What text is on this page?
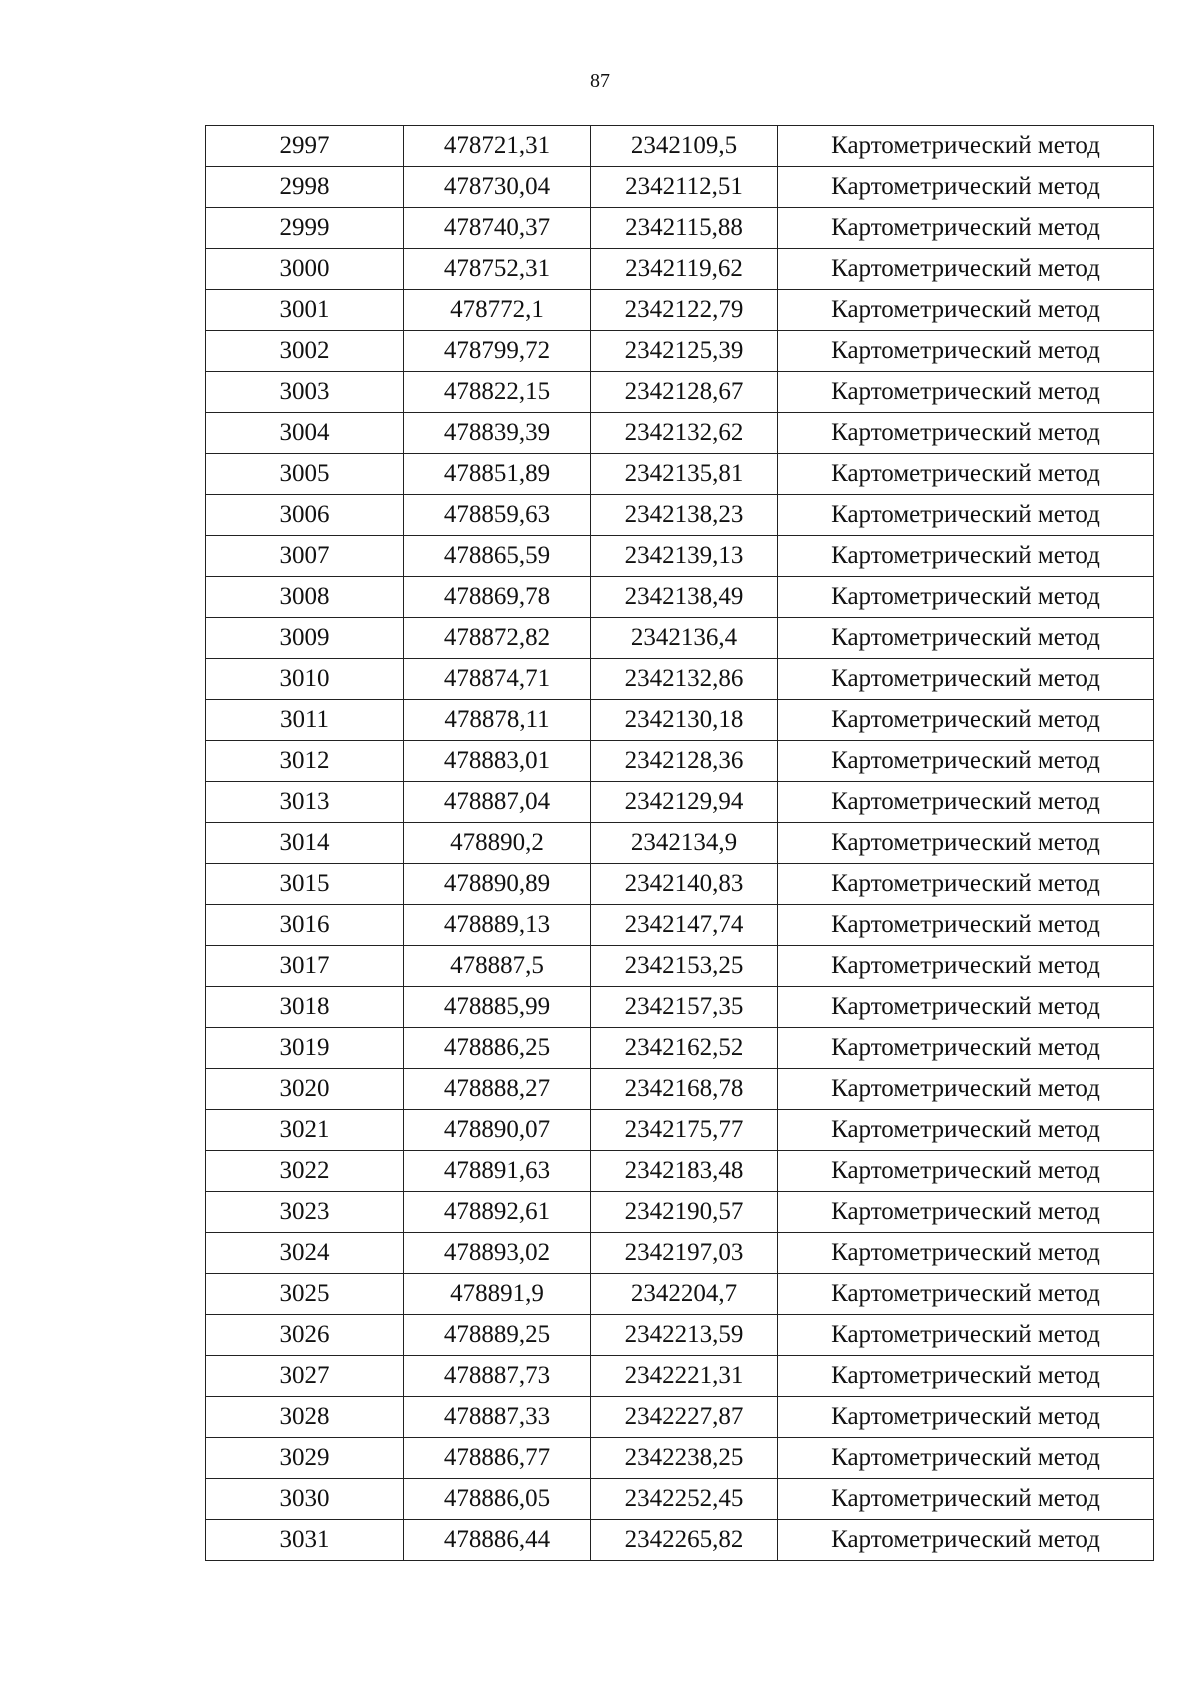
87
2997	478721,31	2342109,5	Картометрический метод
2998	478730,04	2342112,51	Картометрический метод
2999	478740,37	2342115,88	Картометрический метод
3000	478752,31	2342119,62	Картометрический метод
3001	478772,1	2342122,79	Картометрический метод
3002	478799,72	2342125,39	Картометрический метод
3003	478822,15	2342128,67	Картометрический метод
3004	478839,39	2342132,62	Картометрический метод
3005	478851,89	2342135,81	Картометрический метод
3006	478859,63	2342138,23	Картометрический метод
3007	478865,59	2342139,13	Картометрический метод
3008	478869,78	2342138,49	Картометрический метод
3009	478872,82	2342136,4	Картометрический метод
3010	478874,71	2342132,86	Картометрический метод
3011	478878,11	2342130,18	Картометрический метод
3012	478883,01	2342128,36	Картометрический метод
3013	478887,04	2342129,94	Картометрический метод
3014	478890,2	2342134,9	Картометрический метод
3015	478890,89	2342140,83	Картометрический метод
3016	478889,13	2342147,74	Картометрический метод
3017	478887,5	2342153,25	Картометрический метод
3018	478885,99	2342157,35	Картометрический метод
3019	478886,25	2342162,52	Картометрический метод
3020	478888,27	2342168,78	Картометрический метод
3021	478890,07	2342175,77	Картометрический метод
3022	478891,63	2342183,48	Картометрический метод
3023	478892,61	2342190,57	Картометрический метод
3024	478893,02	2342197,03	Картометрический метод
3025	478891,9	2342204,7	Картометрический метод
3026	478889,25	2342213,59	Картометрический метод
3027	478887,73	2342221,31	Картометрический метод
3028	478887,33	2342227,87	Картометрический метод
3029	478886,77	2342238,25	Картометрический метод
3030	478886,05	2342252,45	Картометрический метод
3031	478886,44	2342265,82	Картометрический метод
